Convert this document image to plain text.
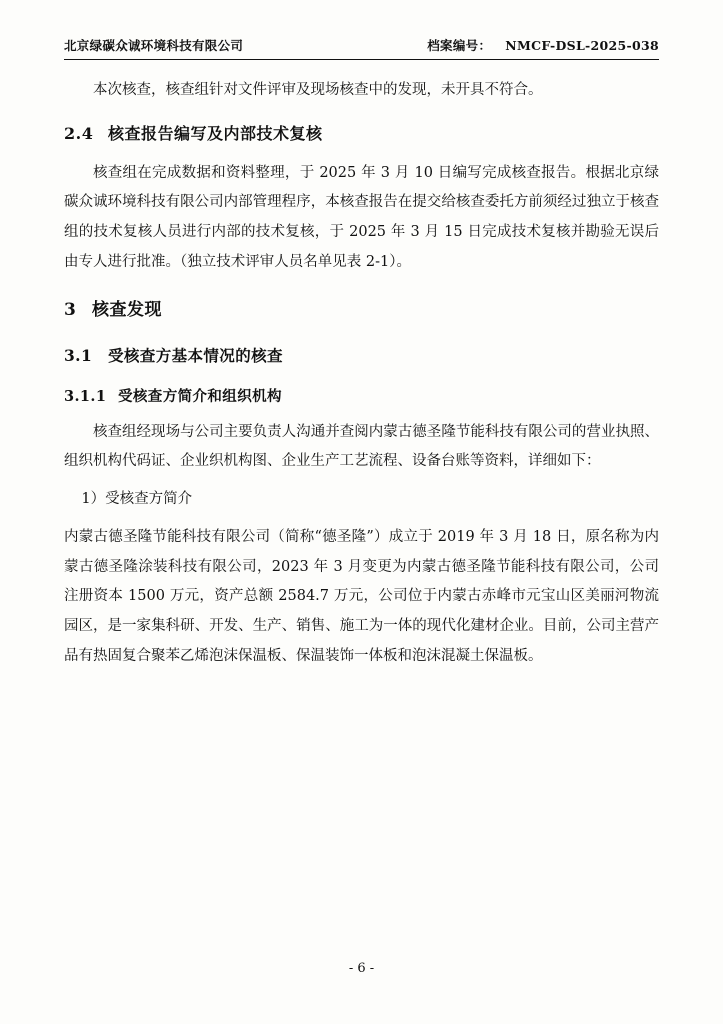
北京绿碳众诚环境科技有限公司	档案编号： NMCF-DSL-2025-038

本次核查，核查组针对文件评审及现场核查中的发现，未开具不符合。

2.4 核查报告编写及内部技术复核

核查组在完成数据和资料整理，于 2025 年 3 月 10 日编写完成核查报告。根据北京绿碳众诚环境科技有限公司内部管理程序，本核查报告在提交给核查委托方前须经过独立于核查组的技术复核人员进行内部的技术复核，于 2025 年 3 月 15 日完成技术复核并勘验无误后由专人进行批准。（独立技术评审人员名单见表 2-1）。

3 核查发现
3.1 受核查方基本情况的核查
3.1.1 受核查方简介和组织机构

核查组经现场与公司主要负责人沟通并查阅内蒙古德圣隆节能科技有限公司的营业执照、组织机构代码证、企业织机构图、企业生产工艺流程、设备台账等资料，详细如下：

1）受核查方简介

内蒙古德圣隆节能科技有限公司（简称“德圣隆”）成立于 2019 年 3 月 18 日，原名称为内蒙古德圣隆涂装科技有限公司，2023 年 3 月变更为内蒙古德圣隆节能科技有限公司，公司注册资本 1500 万元，资产总额 2584.7 万元，公司位于内蒙古赤峰市元宝山区美丽河物流园区，是一家集科研、开发、生产、销售、施工为一体的现代化建材企业。目前，公司主营产品有热固复合聚苯乙烯泡沫保温板、保温装饰一体板和泡沫混凝土保温板。

- 6 -
